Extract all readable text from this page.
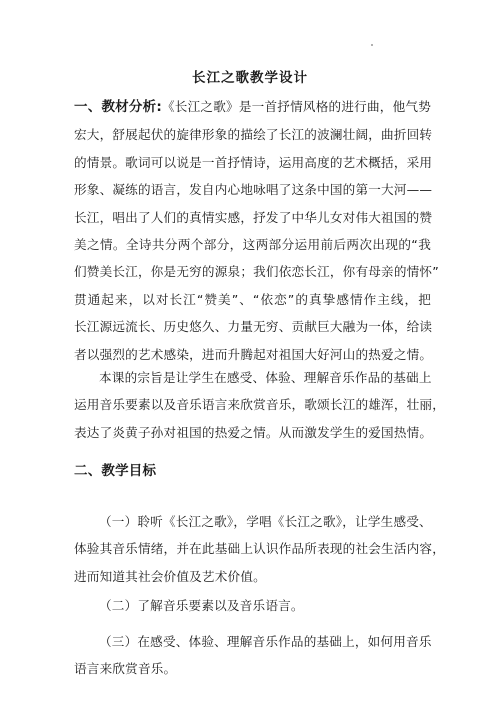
长江之歌教学设计
一、教材分析:《长江之歌》是一首抒情风格的进行曲，他气势
宏大，舒展起伏的旋律形象的描绘了长江的波澜壮阔，曲折回转
的情景。歌词可以说是一首抒情诗，运用高度的艺术概括，采用
形象、凝练的语言，发自内心地咏唱了这条中国的第一大河——
长江，唱出了人们的真情实感，抒发了中华儿女对伟大祖国的赞
美之情。全诗共分两个部分，这两部分运用前后两次出现的“我
们赞美长江，你是无穷的源泉；我们依恋长江，你有母亲的情怀”
贯通起来，以对长江“赞美”、“依恋”的真挚感情作主线，把
长江源远流长、历史悠久、力量无穷、贡献巨大融为一体，给读
者以强烈的艺术感染，进而升腾起对祖国大好河山的热爱之情。
本课的宗旨是让学生在感受、体验、理解音乐作品的基础上
运用音乐要素以及音乐语言来欣赏音乐，歌颂长江的雄浑，壮丽，
表达了炎黄子孙对祖国的热爱之情。从而激发学生的爱国热情。
二、教学目标
（一）聆听《长江之歌》，学唱《长江之歌》，让学生感受、
体验其音乐情绪，并在此基础上认识作品所表现的社会生活内容，
进而知道其社会价值及艺术价值。
（二）了解音乐要素以及音乐语言。
（三）在感受、体验、理解音乐作品的基础上，如何用音乐
语言来欣赏音乐。
